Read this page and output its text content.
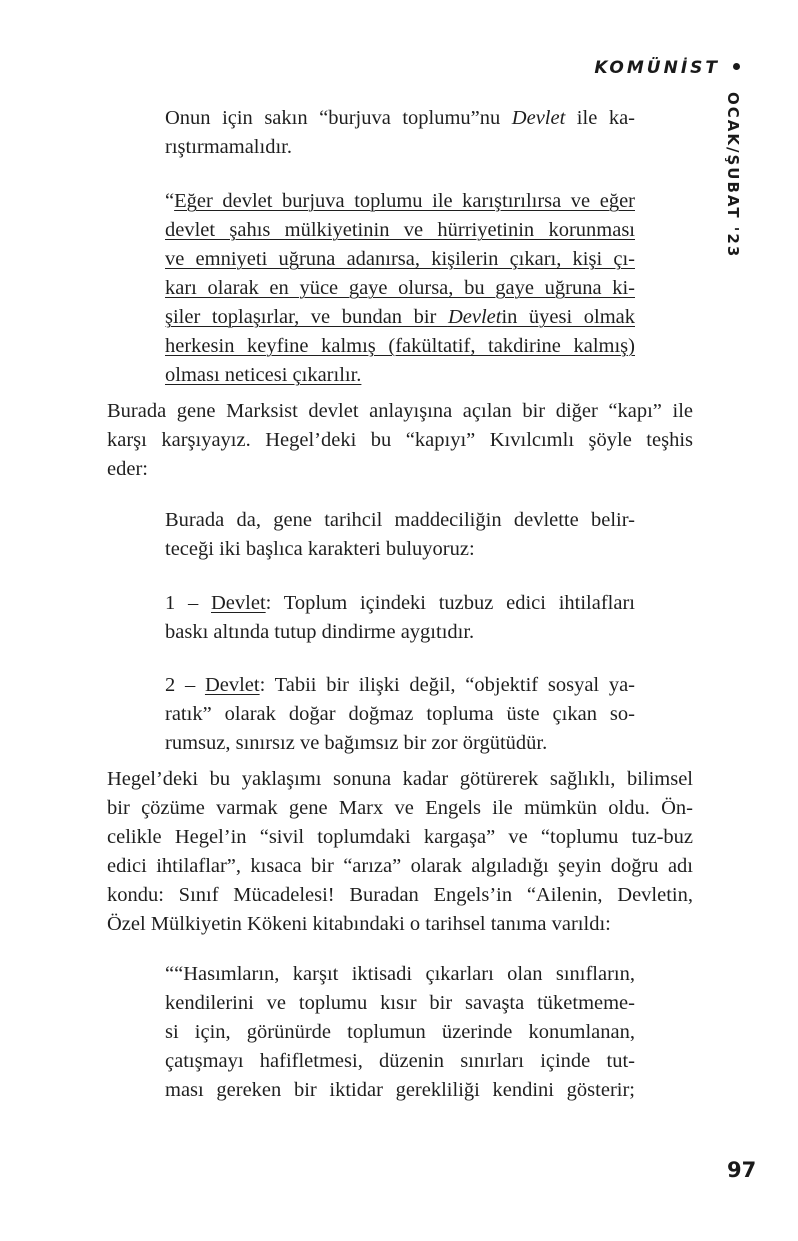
KOMÜNİST
OCAK/ŞUBAT '23
Onun için sakın “burjuva toplumu”nu Devlet ile ka-
rıştırmamalıdır.
“Eğer devlet burjuva toplumu ile karıştırılırsa ve eğer
devlet şahıs mülkiyetinin ve hürriyetinin korunması
ve emniyeti uğruna adanırsa, kişilerin çıkarı, kişi çı-
karı olarak en yüce gaye olursa, bu gaye uğruna ki-
şiler toplaşırlar, ve bundan bir Devletin üyesi olmak
herkesin keyfine kalmış (fakültatif, takdirine kalmış)
olması neticesi çıkarılır.
Burada gene Marksist devlet anlayışına açılan bir diğer “kapı” ile
karşı karşıyayız. Hegel’deki bu “kapıyı” Kıvılcımlı şöyle teşhis
eder:
Burada da, gene tarihcil maddeciliğin devlette belir-
teceği iki başlıca karakteri buluyoruz:
1 – Devlet: Toplum içindeki tuzbuz edici ihtilafları
baskı altında tutup dindirme aygıtıdır.
2 – Devlet: Tabii bir ilişki değil, “objektif sosyal ya-
ratık” olarak doğar doğmaz topluma üste çıkan so-
rumsuz, sınırsız ve bağımsız bir zor örgütüdür.
Hegel’deki bu yaklaşımı sonuna kadar götürerek sağlıklı, bilimsel
bir çözüme varmak gene Marx ve Engels ile mümkün oldu. Ön-
celikle Hegel’in “sivil toplumdaki kargaşa” ve “toplumu tuz-buz
edici ihtilaflar”, kısaca bir “arıza” olarak algıladığı şeyin doğru adı
kondu: Sınıf Mücadelesi! Buradan Engels’in “Ailenin, Devletin,
Özel Mülkiyetin Kökeni kitabındaki o tarihsel tanıma varıldı:
““Hasımların, karşıt iktisadi çıkarları olan sınıfların,
kendilerini ve toplumu kısır bir savaşta tüketmeme-
si için, görünürde toplumun üzerinde konumlanan,
çatışmayı hafifletmesi, düzenin sınırları içinde tut-
ması gereken bir iktidar gerekliliği kendini gösterir;
97
